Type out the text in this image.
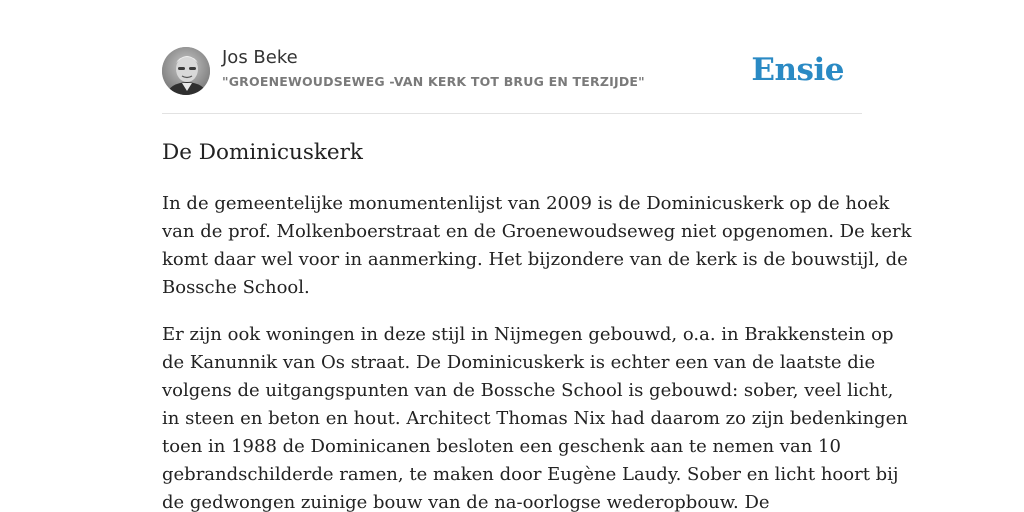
Jos Beke
"GROENEWOUDSEWEG -VAN KERK TOT BRUG EN TERZIJDE"	Ensie
De Dominicuskerk

In de gemeentelijke monumentenlijst van 2009 is de Dominicuskerk op de hoek
van de prof. Molkenboerstraat en de Groenewoudseweg niet opgenomen. De kerk
komt daar wel voor in aanmerking. Het bijzondere van de kerk is de bouwstijl, de
Bossche School.

Er zijn ook woningen in deze stijl in Nijmegen gebouwd, o.a. in Brakkenstein op
de Kanunnik van Os straat. De Dominicuskerk is echter een van de laatste die
volgens de uitgangspunten van de Bossche School is gebouwd: sober, veel licht,
in steen en beton en hout. Architect Thomas Nix had daarom zo zijn bedenkingen
toen in 1988 de Dominicanen besloten een geschenk aan te nemen van 10
gebrandschilderde ramen, te maken door Eugène Laudy. Sober en licht hoort bij
de gedwongen zuinige bouw van de na-oorlogse wederopbouw. De
